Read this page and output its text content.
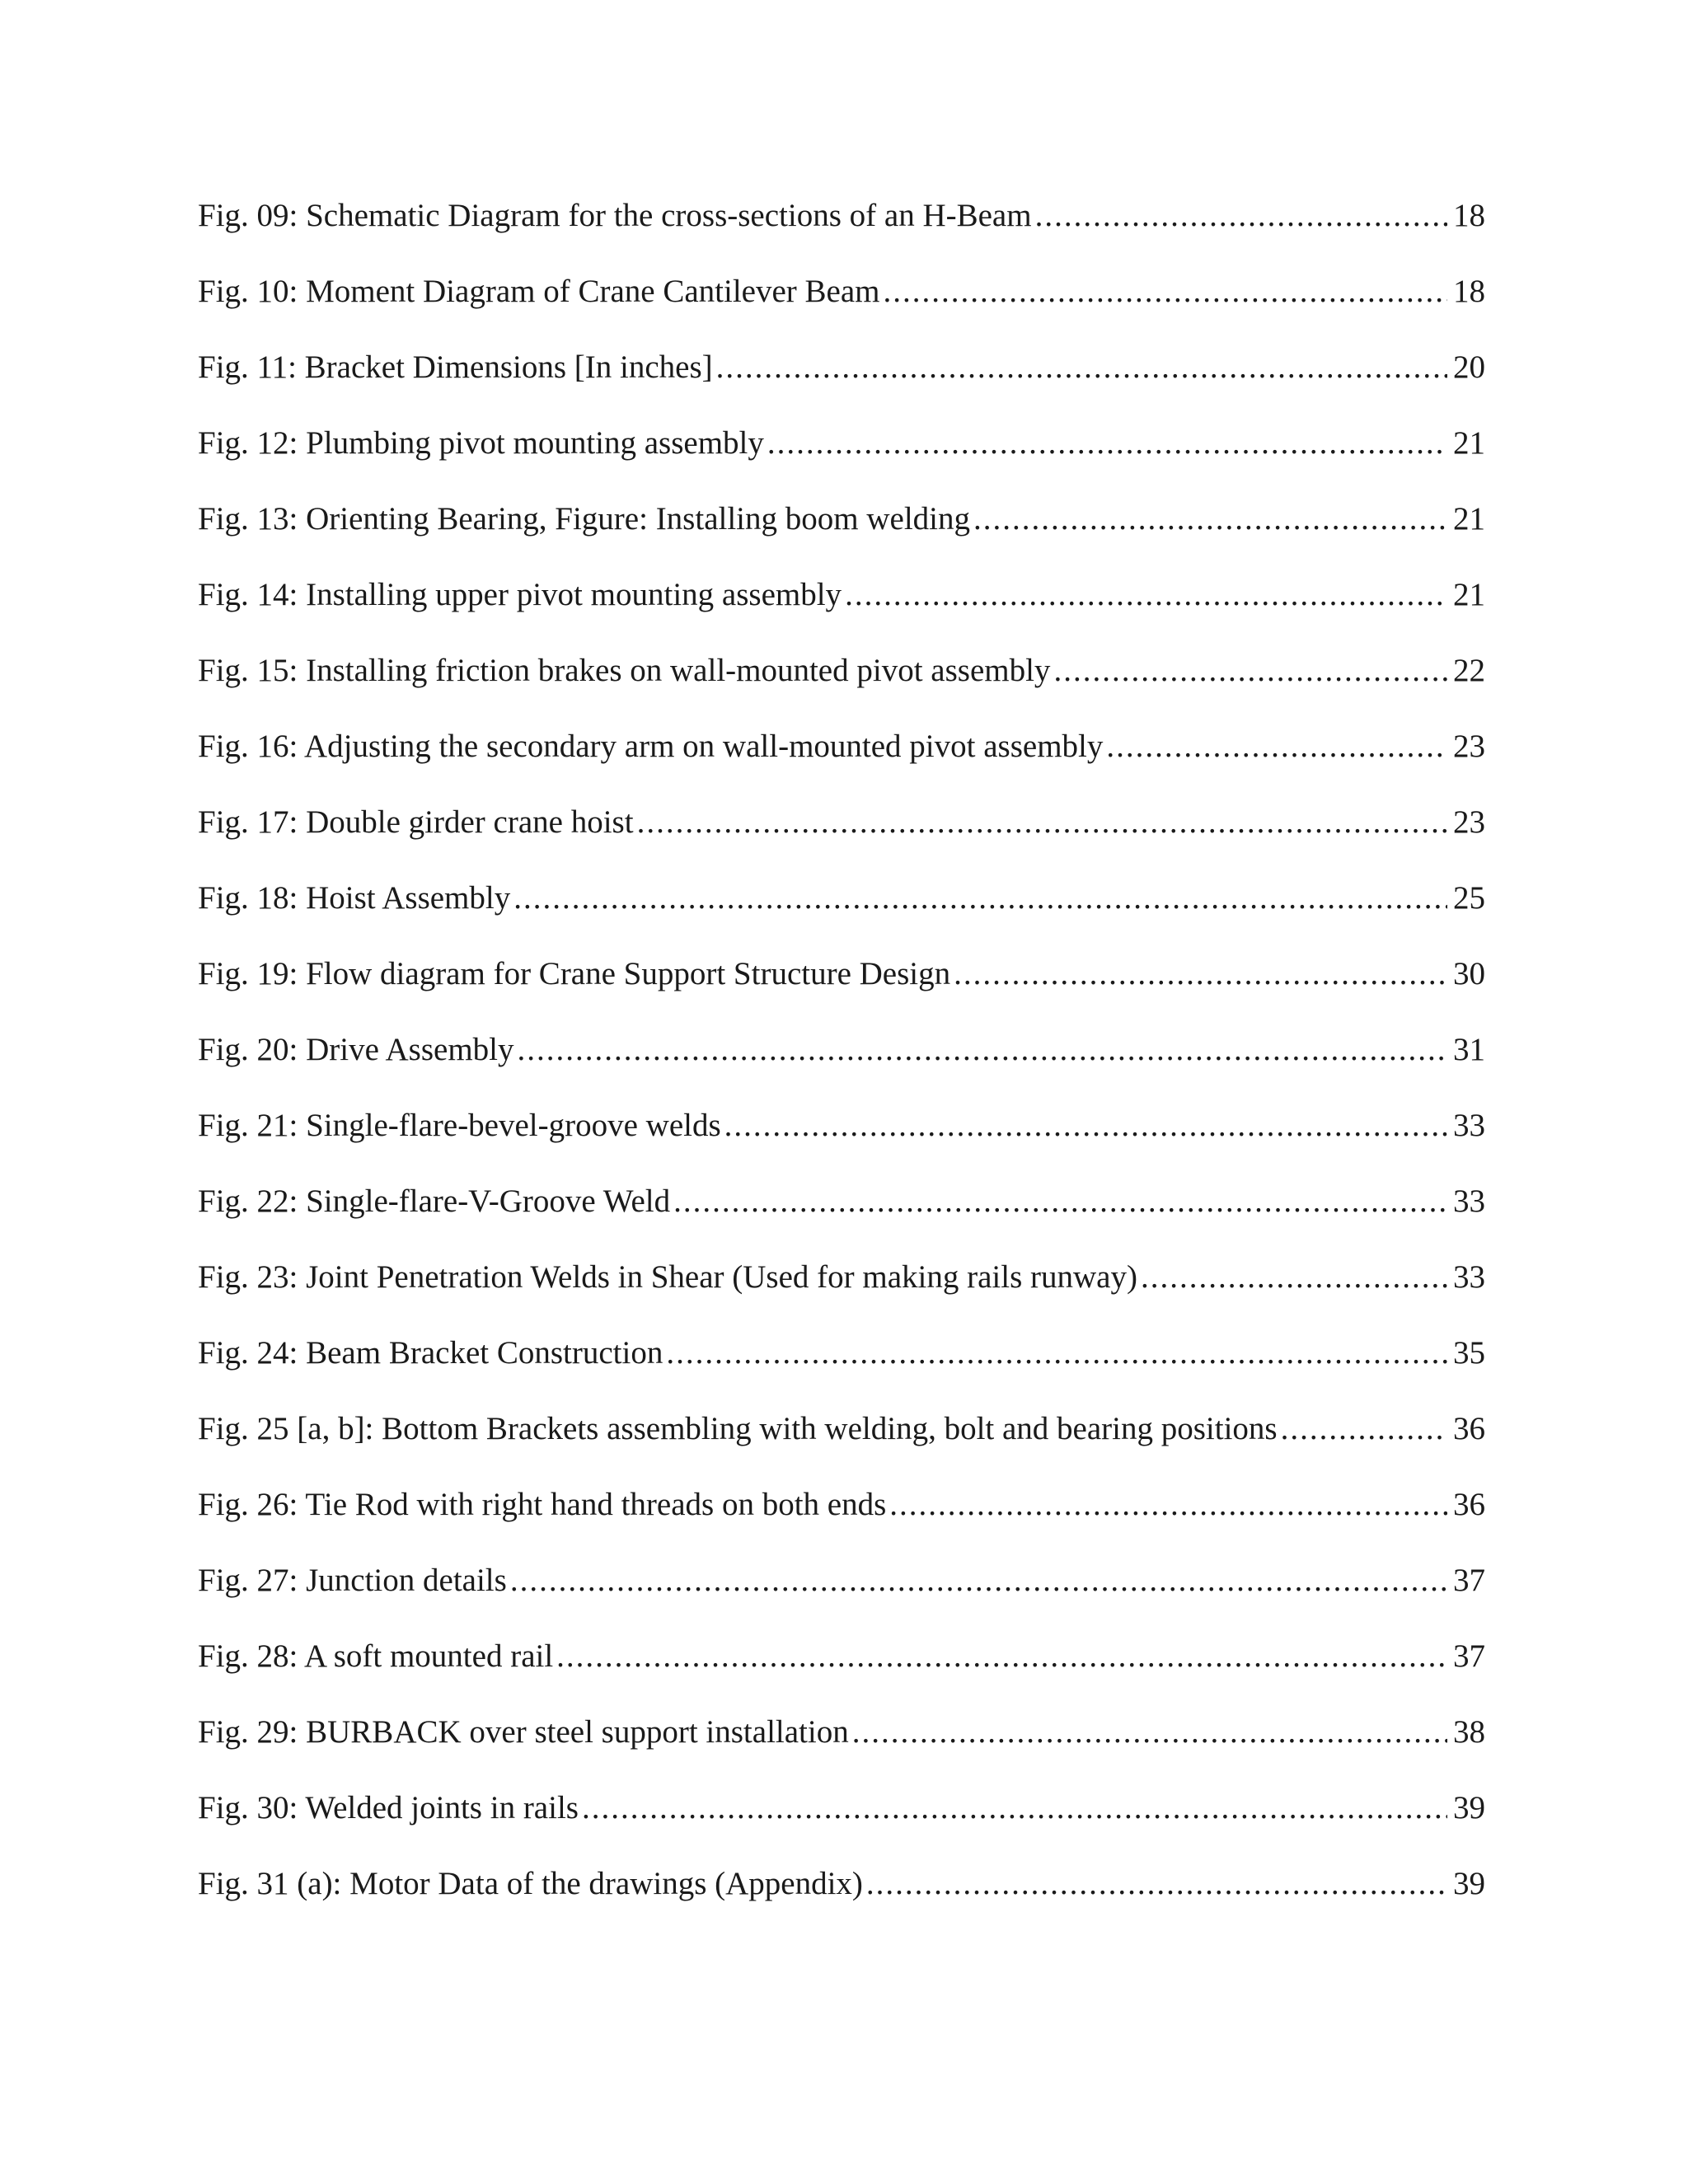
Fig. 09: Schematic Diagram for the cross-sections of an H-Beam .....	18
Fig. 10: Moment Diagram of Crane Cantilever Beam .....	18
Fig. 11: Bracket Dimensions [In inches] .....	20
Fig. 12: Plumbing pivot mounting assembly .....	21
Fig. 13: Orienting Bearing, Figure: Installing boom welding .....	21
Fig. 14: Installing upper pivot mounting assembly .....	21
Fig. 15: Installing friction brakes on wall-mounted pivot assembly .....	22
Fig. 16: Adjusting the secondary arm on wall-mounted pivot assembly .....	23
Fig. 17: Double girder crane hoist .....	23
Fig. 18: Hoist Assembly .....	25
Fig. 19: Flow diagram for Crane Support Structure Design .....	30
Fig. 20: Drive Assembly .....	31
Fig. 21: Single-flare-bevel-groove welds .....	33
Fig. 22: Single-flare-V-Groove Weld .....	33
Fig. 23: Joint Penetration Welds in Shear (Used for making rails runway) .....	33
Fig. 24: Beam Bracket Construction .....	35
Fig. 25 [a, b]: Bottom Brackets assembling with welding, bolt and bearing positions .....	36
Fig. 26: Tie Rod with right hand threads on both ends .....	36
Fig. 27: Junction details .....	37
Fig. 28: A soft mounted rail .....	37
Fig. 29: BURBACK over steel support installation .....	38
Fig. 30: Welded joints in rails .....	39
Fig. 31 (a): Motor Data of the drawings (Appendix) .....	39
